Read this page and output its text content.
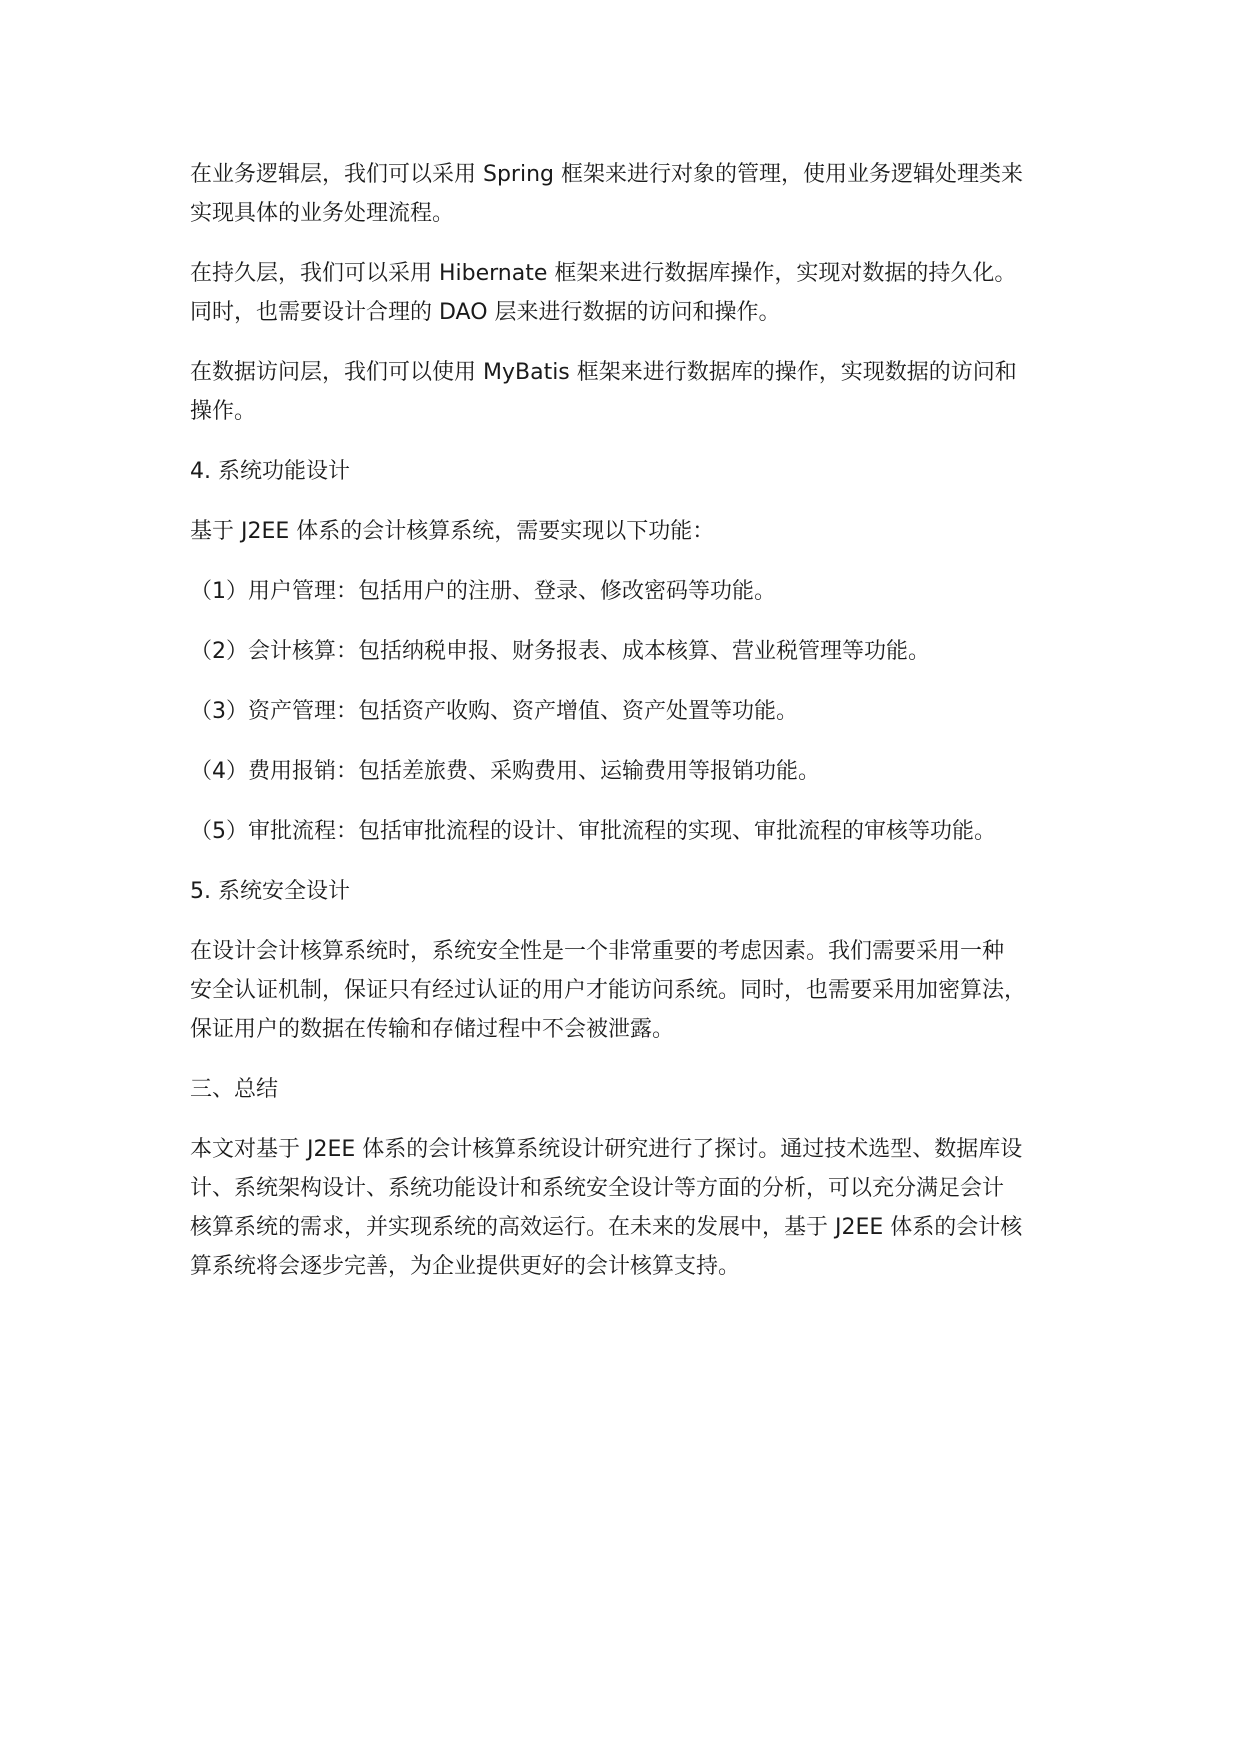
在业务逻辑层，我们可以采用 Spring 框架来进行对象的管理，使用业务逻辑处理类来
实现具体的业务处理流程。

在持久层，我们可以采用 Hibernate 框架来进行数据库操作，实现对数据的持久化。
同时，也需要设计合理的 DAO 层来进行数据的访问和操作。

在数据访问层，我们可以使用 MyBatis 框架来进行数据库的操作，实现数据的访问和
操作。

4. 系统功能设计

基于 J2EE 体系的会计核算系统，需要实现以下功能：

（1）用户管理：包括用户的注册、登录、修改密码等功能。

（2）会计核算：包括纳税申报、财务报表、成本核算、营业税管理等功能。

（3）资产管理：包括资产收购、资产增值、资产处置等功能。

（4）费用报销：包括差旅费、采购费用、运输费用等报销功能。

（5）审批流程：包括审批流程的设计、审批流程的实现、审批流程的审核等功能。

5. 系统安全设计

在设计会计核算系统时，系统安全性是一个非常重要的考虑因素。我们需要采用一种
安全认证机制，保证只有经过认证的用户才能访问系统。同时，也需要采用加密算法，
保证用户的数据在传输和存储过程中不会被泄露。

三、总结

本文对基于 J2EE 体系的会计核算系统设计研究进行了探讨。通过技术选型、数据库设
计、系统架构设计、系统功能设计和系统安全设计等方面的分析，可以充分满足会计
核算系统的需求，并实现系统的高效运行。在未来的发展中，基于 J2EE 体系的会计核
算系统将会逐步完善，为企业提供更好的会计核算支持。
